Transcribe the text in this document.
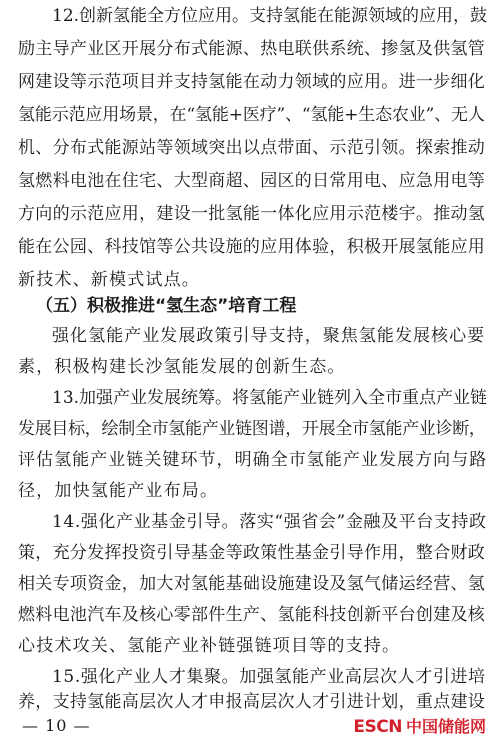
12.创新氢能全方位应用。支持氢能在能源领域的应用，鼓
励主导产业区开展分布式能源、热电联供系统、掺氢及供氢管
网建设等示范项目并支持氢能在动力领域的应用。进一步细化
氢能示范应用场景，在“氢能+医疗”、“氢能+生态农业”、无人
机、分布式能源站等领域突出以点带面、示范引领。探索推动
氢燃料电池在住宅、大型商超、园区的日常用电、应急用电等
方向的示范应用，建设一批氢能一体化应用示范楼宇。推动氢
能在公园、科技馆等公共设施的应用体验，积极开展氢能应用
新技术、新模式试点。
（五）积极推进“氢生态”培育工程
强化氢能产业发展政策引导支持，聚焦氢能发展核心要
素，积极构建长沙氢能发展的创新生态。
13.加强产业发展统筹。将氢能产业链列入全市重点产业链
发展目标，绘制全市氢能产业链图谱，开展全市氢能产业诊断，
评估氢能产业链关键环节，明确全市氢能产业发展方向与路
径，加快氢能产业布局。
14.强化产业基金引导。落实“强省会”金融及平台支持政
策，充分发挥投资引导基金等政策性基金引导作用，整合财政
相关专项资金，加大对氢能基础设施建设及氢气储运经营、氢
燃料电池汽车及核心零部件生产、氢能科技创新平台创建及核
心技术攻关、氢能产业补链强链项目等的支持。
15.强化产业人才集聚。加强氢能产业高层次人才引进培
— 10 —	ESCN 中国储能网
养，支持氢能高层次人才申报高层次人才引进计划，重点建设
